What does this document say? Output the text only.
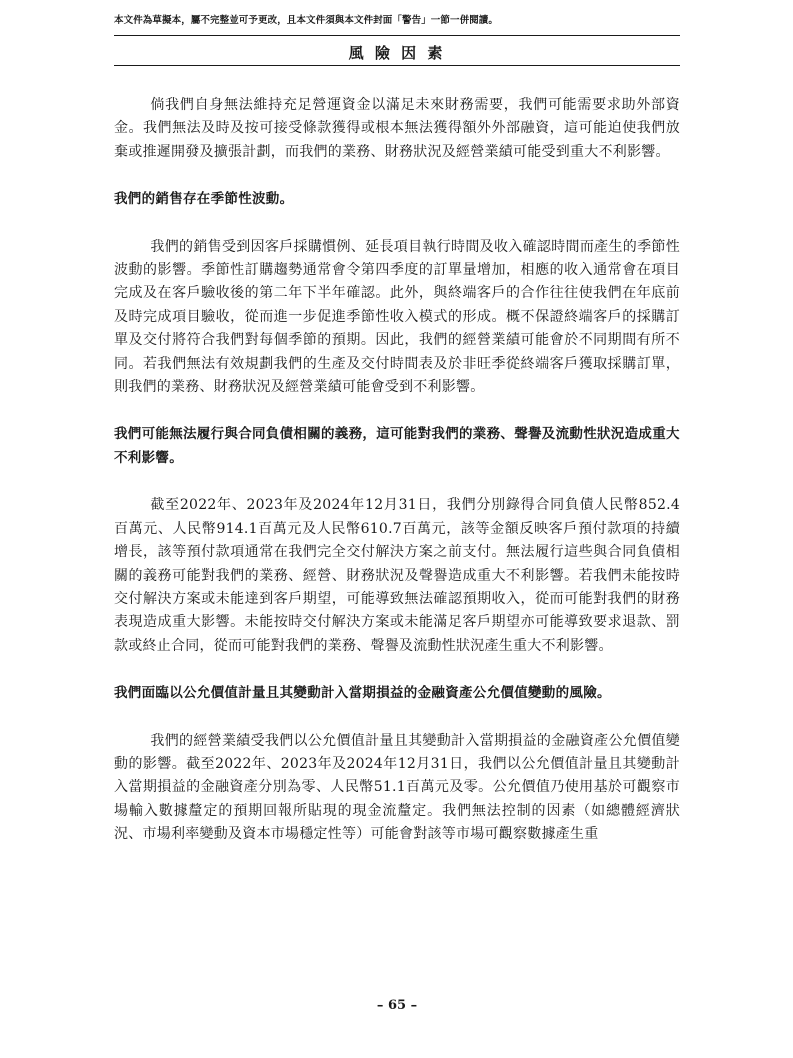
本文件為草擬本，屬不完整並可予更改，且本文件須與本文件封面「警告」一節一併閱讀。
風 險 因 素

倘我們自身無法維持充足營運資金以滿足未來財務需要，我們可能需要求助外部資金。我們無法及時及按可接受條款獲得或根本無法獲得額外外部融資，這可能迫使我們放棄或推遲開發及擴張計劃，而我們的業務、財務狀況及經營業績可能受到重大不利影響。

我們的銷售存在季節性波動。

我們的銷售受到因客戶採購慣例、延長項目執行時間及收入確認時間而產生的季節性波動的影響。季節性訂購趨勢通常會令第四季度的訂單量增加，相應的收入通常會在項目完成及在客戶驗收後的第二年下半年確認。此外，與終端客戶的合作往往使我們在年底前及時完成項目驗收，從而進一步促進季節性收入模式的形成。概不保證終端客戶的採購訂單及交付將符合我們對每個季節的預期。因此，我們的經營業績可能會於不同期間有所不同。若我們無法有效規劃我們的生產及交付時間表及於非旺季從終端客戶獲取採購訂單，則我們的業務、財務狀況及經營業績可能會受到不利影響。

我們可能無法履行與合同負債相關的義務，這可能對我們的業務、聲譽及流動性狀況造成重大不利影響。

截至2022年、2023年及2024年12月31日，我們分別錄得合同負債人民幣852.4百萬元、人民幣914.1百萬元及人民幣610.7百萬元，該等金額反映客戶預付款項的持續增長，該等預付款項通常在我們完全交付解決方案之前支付。無法履行這些與合同負債相關的義務可能對我們的業務、經營、財務狀況及聲譽造成重大不利影響。若我們未能按時交付解決方案或未能達到客戶期望，可能導致無法確認預期收入，從而可能對我們的財務表現造成重大影響。未能按時交付解決方案或未能滿足客戶期望亦可能導致要求退款、罰款或終止合同，從而可能對我們的業務、聲譽及流動性狀況產生重大不利影響。

我們面臨以公允價值計量且其變動計入當期損益的金融資產公允價值變動的風險。

我們的經營業績受我們以公允價值計量且其變動計入當期損益的金融資產公允價值變動的影響。截至2022年、2023年及2024年12月31日，我們以公允價值計量且其變動計入當期損益的金融資產分別為零、人民幣51.1百萬元及零。公允價值乃使用基於可觀察市場輸入數據釐定的預期回報所貼現的現金流釐定。我們無法控制的因素（如總體經濟狀況、市場利率變動及資本市場穩定性等）可能會對該等市場可觀察數據產生重

– 65 –
